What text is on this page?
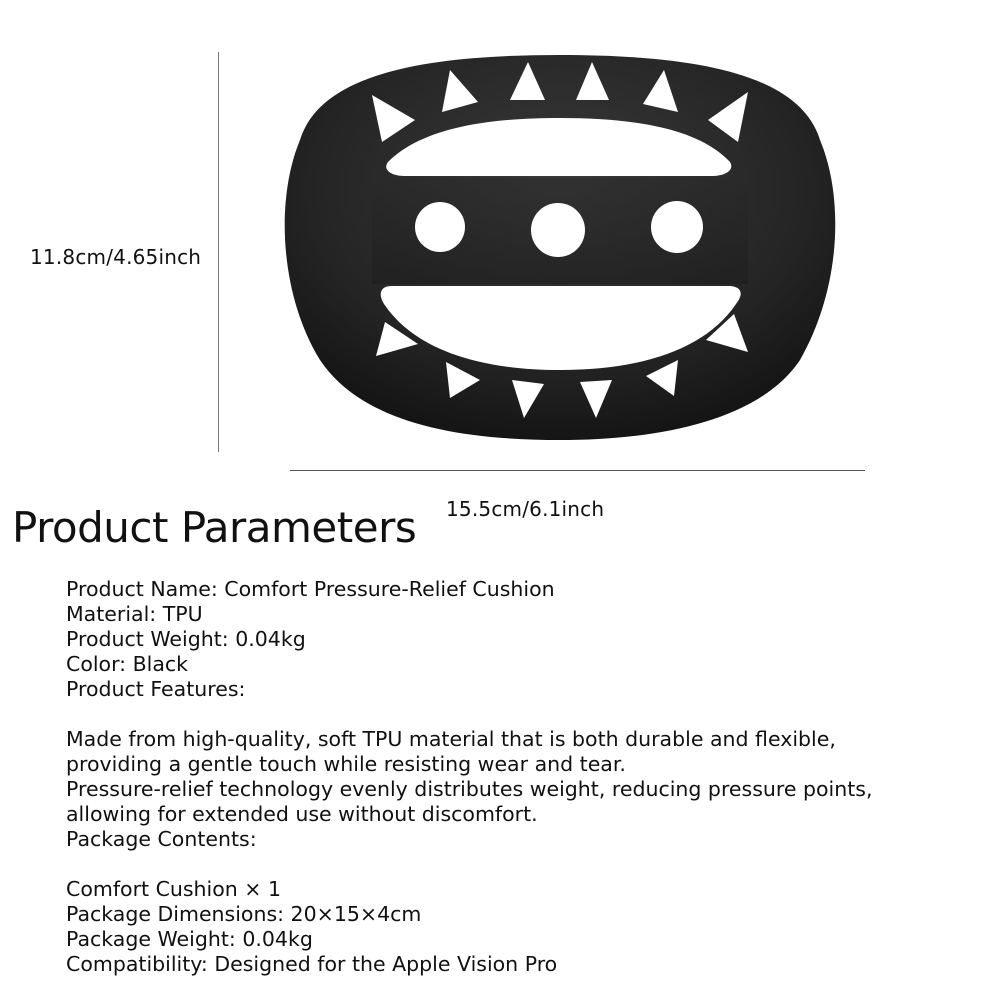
11.8cm/4.65inch
15.5cm/6.1inch
Product Parameters
Product Name: Comfort Pressure-Relief Cushion
Material: TPU
Product Weight: 0.04kg
Color: Black
Product Features:
Made from high-quality, soft TPU material that is both durable and flexible,
providing a gentle touch while resisting wear and tear.
Pressure-relief technology evenly distributes weight, reducing pressure points,
allowing for extended use without discomfort.
Package Contents:
Comfort Cushion × 1
Package Dimensions: 20×15×4cm
Package Weight: 0.04kg
Compatibility: Designed for the Apple Vision Pro
